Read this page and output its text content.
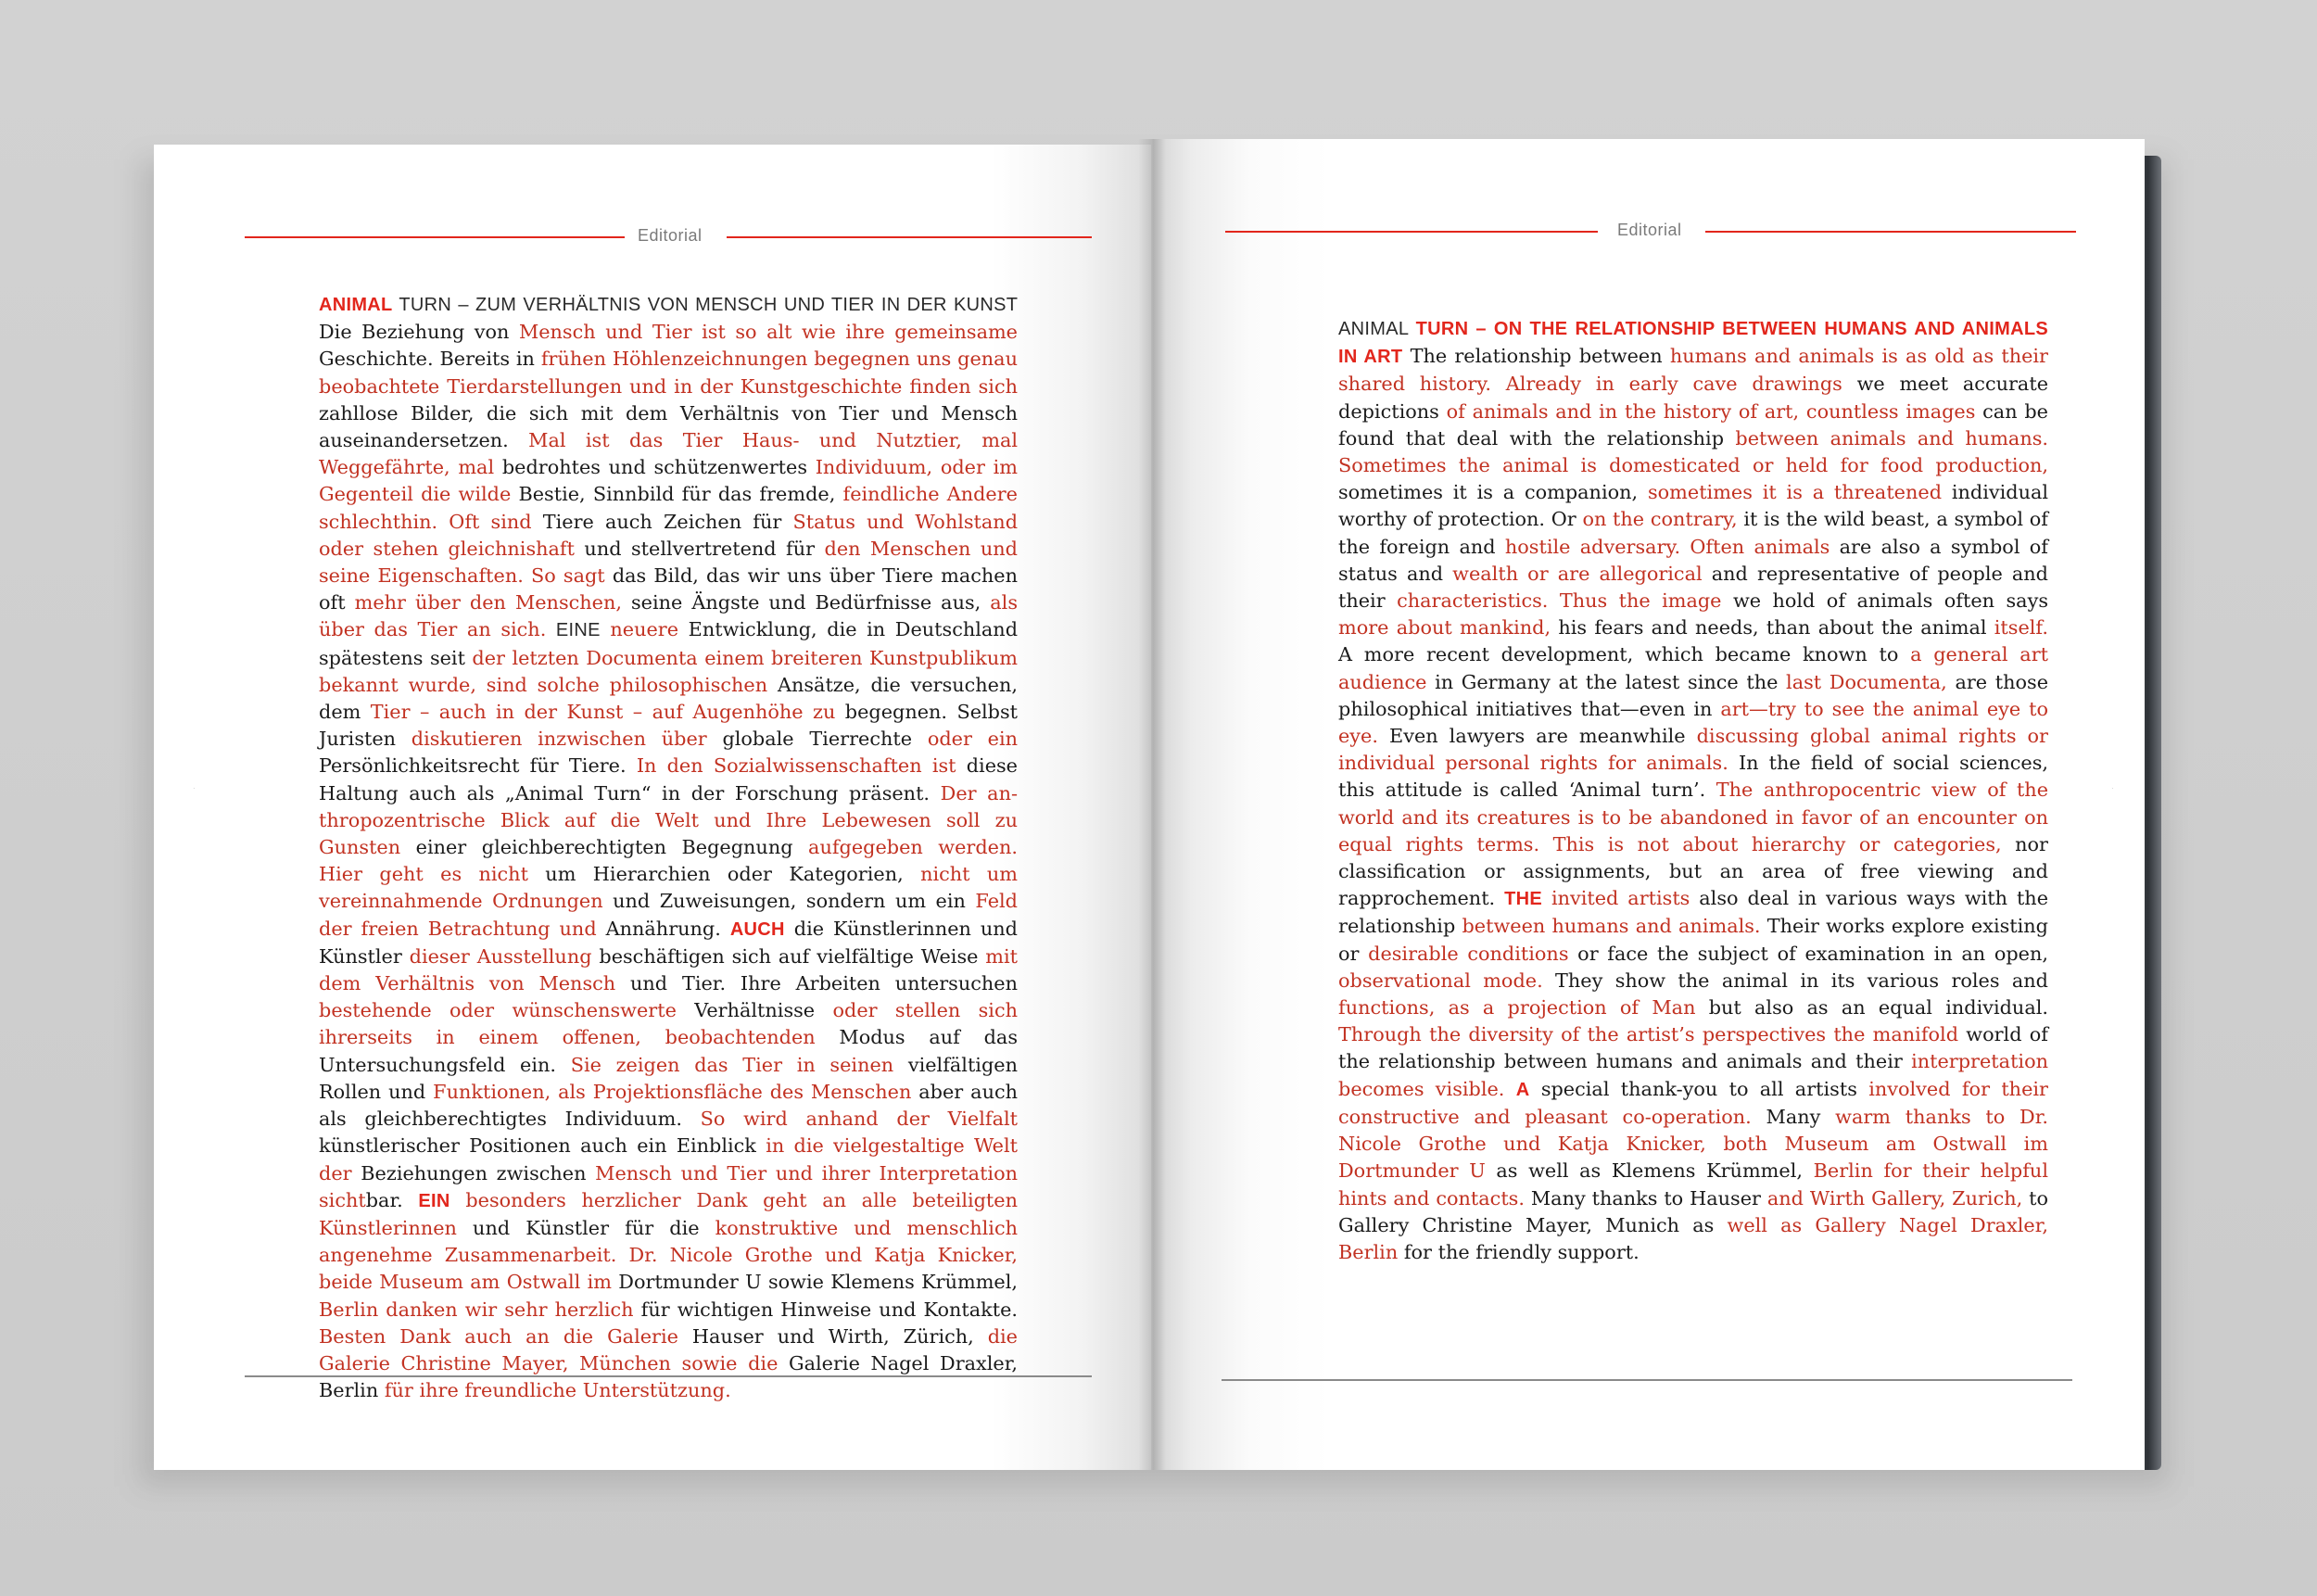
Editorial
·
ANIMAL TURN – ZUM VERHÄLTNIS VON MENSCH UND TIER IN DER KUNST Die Beziehung von Mensch und Tier ist so alt wie ihre gemeinsame Geschichte. Bereits in frühen Höhlenzeichnungen begegnen uns genau beobachtete Tierdarstellungen und in der Kunstgeschichte finden sich zahllose Bilder, die sich mit dem Verhältnis von Tier und Mensch auseinandersetzen. Mal ist das Tier Haus- und Nutztier, mal Weggefährte, mal bedrohtes und schützenwertes Individuum, oder im Gegenteil die wilde Bestie, Sinnbild für das fremde, feindliche Andere schlechthin. Oft sind Tiere auch Zeichen für Status und Wohlstand oder stehen gleichnishaft und stellvertretend für den Menschen und seine Eigenschaften. So sagt das Bild, das wir uns über Tiere machen oft mehr über den Menschen, seine Ängste und Bedürfnisse aus, als über das Tier an sich. EINE neuere Entwicklung, die in Deutschland spätestens seit der letzten Documenta einem breiteren Kunstpublikum bekannt wurde, sind solche philosophischen Ansätze, die versuchen, dem Tier – auch in der Kunst – auf Augenhöhe zu begegnen. Selbst Juristen diskutieren inzwischen über globale Tierrechte oder ein Persönlichkeitsrecht für Tiere. In den Sozialwissenschaften ist diese Haltung auch als „Animal Turn“ in der Forschung präsent. Der anthropozentrische Blick auf die Welt und Ihre Lebewesen soll zu Gunsten einer gleichberechtigten Begegnung aufgegeben werden. Hier geht es nicht um Hierarchien oder Kategorien, nicht um vereinnahmende Ordnungen und Zuweisungen, sondern um ein Feld der freien Betrachtung und Annährung. AUCH die Künstlerinnen und Künstler dieser Ausstellung beschäftigen sich auf vielfältige Weise mit dem Verhältnis von Mensch und Tier. Ihre Arbeiten untersuchen bestehende oder wünschenswerte Verhältnisse oder stellen sich ihrerseits in einem offenen, beobachtenden Modus auf das Untersuchungsfeld ein. Sie zeigen das Tier in seinen vielfältigen Rollen und Funktionen, als Projektionsfläche des Menschen aber auch als gleichberechtigtes Individuum. So wird anhand der Vielfalt künstlerischer Positionen auch ein Einblick in die vielgestaltige Welt der Beziehungen zwischen Mensch und Tier und ihrer Interpretation sichtbar. EIN besonders herzlicher Dank geht an alle beteiligten Künstlerinnen und Künstler für die konstruktive und menschlich angenehme Zusammenarbeit. Dr. Nicole Grothe und Katja Knicker, beide Museum am Ostwall im Dortmunder U sowie Klemens Krümmel, Berlin danken wir sehr herzlich für wichtigen Hinweise und Kontakte. Besten Dank auch an die Galerie Hauser und Wirth, Zürich, die Galerie Christine Mayer, München sowie die Galerie Nagel Draxler, Berlin für ihre freundliche Unterstützung.
Editorial
·
ANIMAL TURN – ON THE RELATIONSHIP BETWEEN HUMANS AND ANIMALS IN ART The relationship between humans and animals is as old as their shared history. Already in early cave drawings we meet accurate depictions of animals and in the history of art, countless images can be found that deal with the relationship between animals and humans. Sometimes the animal is domesticated or held for food production, sometimes it is a companion, sometimes it is a threatened individual worthy of protection. Or on the contrary, it is the wild beast, a symbol of the foreign and hostile adversary. Often animals are also a symbol of status and wealth or are allegorical and representative of people and their characteristics. Thus the image we hold of animals often says more about mankind, his fears and needs, than about the animal itself. A more recent development, which became known to a general art audience in Germany at the latest since the last Documenta, are those philosophical initiatives that—even in art—try to see the animal eye to eye. Even lawyers are meanwhile discussing global animal rights or individual personal rights for animals. In the field of social sciences, this attitude is called ‘Animal turn’. The anthropocentric view of the world and its creatures is to be abandoned in favor of an encounter on equal rights terms. This is not about hierarchy or categories, nor classification or assignments, but an area of free viewing and rapprochement. THE invited artists also deal in various ways with the relationship between humans and animals. Their works explore existing or desirable conditions or face the subject of examination in an open, observational mode. They show the animal in its various roles and functions, as a projection of Man but also as an equal individual. Through the diversity of the artist’s perspectives the manifold world of the relationship between humans and animals and their interpretation becomes visible. A special thank-you to all artists involved for their constructive and pleasant co-operation. Many warm thanks to Dr. Nicole Grothe und Katja Knicker, both Museum am Ostwall im Dortmunder U as well as Klemens Krümmel, Berlin for their helpful hints and contacts. Many thanks to Hauser and Wirth Gallery, Zurich, to Gallery Christine Mayer, Munich as well as Gallery Nagel Draxler, Berlin for the friendly support.
